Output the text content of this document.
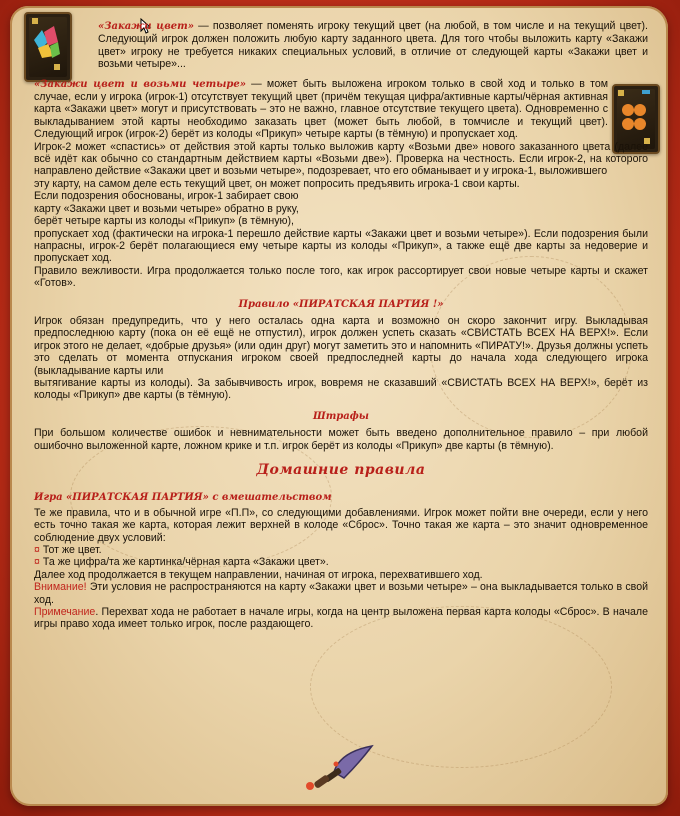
«Закажи цвет» — позволяет поменять игроку текущий цвет (на любой, в том числе и на текущий цвет). Следующий игрок должен положить любую карту заданного цвета. Для того чтобы выложить карту «Закажи цвет» игроку не требуется никаких специальных условий, в отличие от следующей карты «Закажи цвет и возьми четыре»...

«Закажи цвет и возьми четыре» — может быть выложена игроком только в свой ход и только в том случае, если у игрока (игрок-1) отсутствует текущий цвет (причём текущая цифра/активные карты/чёрная активная карта «Закажи цвет» могут и присутствовать – это не важно, главное отсутствие текущего цвета). Одновременно с выкладыванием этой карты необходимо заказать цвет (может быть любой, в томчисле и текущий цвет). Следующий игрок (игрок-2) берёт из колоды «Прикуп» четыре карты (в тёмную) и пропускает ход.

Игрок-2 может «спастись» от действия этой карты только выложив карту «Возьми две» нового заказанного цвета (далее всё идёт как обычно со стандартным действием карты «Возьми две»). Проверка на честность. Если игрок-2, на которого направлено действие «Закажи цвет и возьми четыре», подозревает, что его обманывает и у игрока-1, выложившего

эту карту, на самом деле есть текущий цвет, он может попросить предъявить игрока-1 свои карты.

Если подозрения обоснованы, игрок-1 забирает свою

карту «Закажи цвет и возьми четыре» обратно в руку,

берёт четыре карты из колоды «Прикуп» (в тёмную),

пропускает ход (фактически на игрока-1 перешло действие карты «Закажи цвет и возьми четыре»). Если подозрения были напрасны, игрок-2 берёт полагающиеся ему четыре карты из колоды «Прикуп», а также ещё две карты за недоверие и пропускает ход.

Правило вежливости. Игра продолжается только после того, как игрок рассортирует свои новые четыре карты и скажет «Готов».

Правило «ПИРАТСКАЯ ПАРТИЯ !»

Игрок обязан предупредить, что у него осталась одна карта и возможно он скоро закончит игру. Выкладывая предпоследнюю карту (пока он её ещё не отпустил), игрок должен успеть сказать «СВИСТАТЬ ВСЕХ НА ВЕРХ!». Если игрок этого не делает, «добрые друзья» (или один друг) могут заметить это и напомнить «ПИРАТУ!». Друзья должны успеть это сделать от момента отпускания игроком своей предпоследней карты до начала хода следующего игрока (выкладывание карты или

вытягивание карты из колоды). За забывчивость игрок, вовремя не сказавший «СВИСТАТЬ ВСЕХ НА ВЕРХ!», берёт из колоды «Прикуп» две карты (в тёмную).

Штрафы

При большом количестве ошибок и невнимательности может быть введено дополнительное правило – при любой ошибочно выложенной карте, ложном крике и т.п. игрок берёт из колоды «Прикуп» две карты (в тёмную).

Домашние правила

Игра «ПИРАТСКАЯ ПАРТИЯ» с вмешательством

Те же правила, что и в обычной игре «П.П», со следующими добавлениями. Игрок может пойти вне очереди, если у него есть точно такая же карта, которая лежит верхней в колоде «Сброс». Точно такая же карта – это значит одновременное соблюдение двух условий:

¤ Тот же цвет.

¤ Та же цифра/та же картинка/чёрная карта «Закажи цвет».

Далее ход продолжается в текущем направлении, начиная от игрока, перехватившего ход.

Внимание! Эти условия не распространяются на карту «Закажи цвет и возьми четыре» – она выкладывается только в свой ход.

Примечание. Перехват хода не работает в начале игры, когда на центр выложена первая карта колоды «Сброс». В начале игры право хода имеет только игрок, после раздающего.
